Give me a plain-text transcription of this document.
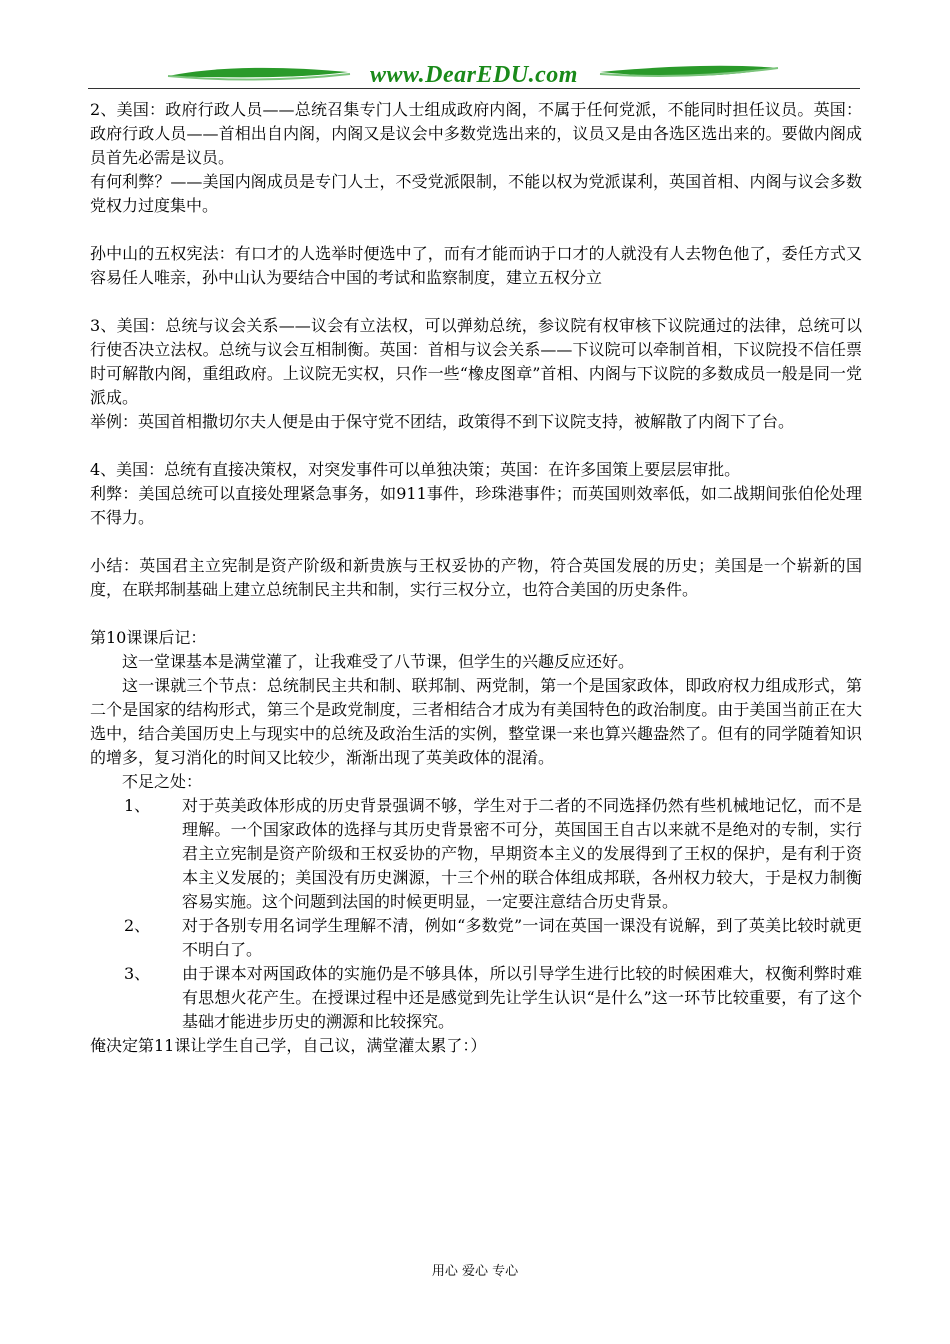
www.DearEDU.com

2、美国：政府行政人员——总统召集专门人士组成政府内阁，不属于任何党派，不能同时担任议员。英国：政府行政人员——首相出自内阁，内阁又是议会中多数党选出来的，议员又是由各选区选出来的。要做内阁成员首先必需是议员。

有何利弊？——美国内阁成员是专门人士，不受党派限制，不能以权为党派谋利，英国首相、内阁与议会多数党权力过度集中。

孙中山的五权宪法：有口才的人选举时便选中了，而有才能而讷于口才的人就没有人去物色他了，委任方式又容易任人唯亲，孙中山认为要结合中国的考试和监察制度，建立五权分立

3、美国：总统与议会关系——议会有立法权，可以弹劾总统，参议院有权审核下议院通过的法律，总统可以行使否决立法权。总统与议会互相制衡。英国：首相与议会关系——下议院可以牵制首相，下议院投不信任票时可解散内阁，重组政府。上议院无实权，只作一些“橡皮图章”首相、内阁与下议院的多数成员一般是同一党派成。

举例：英国首相撒切尔夫人便是由于保守党不团结，政策得不到下议院支持，被解散了内阁下了台。

4、美国：总统有直接决策权，对突发事件可以单独决策；英国：在许多国策上要层层审批。

利弊：美国总统可以直接处理紧急事务，如911事件，珍珠港事件；而英国则效率低，如二战期间张伯伦处理不得力。

小结：英国君主立宪制是资产阶级和新贵族与王权妥协的产物，符合英国发展的历史；美国是一个崭新的国度，在联邦制基础上建立总统制民主共和制，实行三权分立，也符合美国的历史条件。

第10课课后记：

这一堂课基本是满堂灌了，让我难受了八节课，但学生的兴趣反应还好。

这一课就三个节点：总统制民主共和制、联邦制、两党制，第一个是国家政体，即政府权力组成形式，第二个是国家的结构形式，第三个是政党制度，三者相结合才成为有美国特色的政治制度。由于美国当前正在大选中，结合美国历史上与现实中的总统及政治生活的实例，整堂课一来也算兴趣盎然了。但有的同学随着知识的增多，复习消化的时间又比较少，渐渐出现了英美政体的混淆。

不足之处：

1、 对于英美政体形成的历史背景强调不够，学生对于二者的不同选择仍然有些机械地记忆，而不是理解。一个国家政体的选择与其历史背景密不可分，英国国王自古以来就不是绝对的专制，实行君主立宪制是资产阶级和王权妥协的产物，早期资本主义的发展得到了王权的保护，是有利于资本主义发展的；美国没有历史渊源，十三个州的联合体组成邦联，各州权力较大，于是权力制衡容易实施。这个问题到法国的时候更明显，一定要注意结合历史背景。
2、 对于各别专用名词学生理解不清，例如“多数党”一词在英国一课没有说解，到了英美比较时就更不明白了。
3、 由于课本对两国政体的实施仍是不够具体，所以引导学生进行比较的时候困难大，权衡利弊时难有思想火花产生。在授课过程中还是感觉到先让学生认识“是什么”这一环节比较重要，有了这个基础才能进步历史的溯源和比较探究。

俺决定第11课让学生自己学，自己议，满堂灌太累了：）

用心 爱心 专心
